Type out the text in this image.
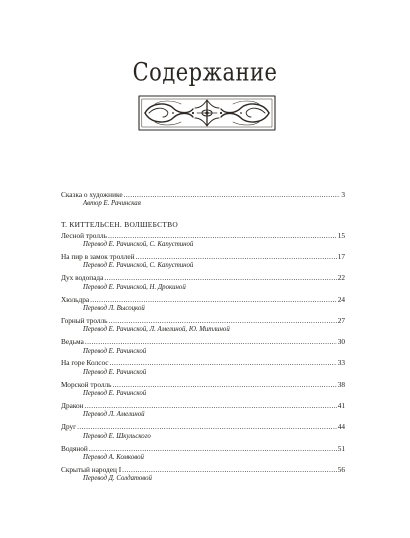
Содержание
Сказка о художнике .....	3
Автор Е. Рачинская
Т. КИТТЕЛЬСЕН. ВОЛШЕБСТВО
Лесной тролль .....	15
Перевод Е. Рачинской, С. Капустиной
На пир в замок троллей .....	17
Перевод Е. Рачинской, С. Капустиной
Дух водопада .....	22
Перевод Е. Рачинской, Н. Дрокиной
Хюльдра .....	24
Перевод Л. Высоцкой
Горный тролль .....	27
Перевод Е. Рачинской, Л. Амелиной, Ю. Митлиной
Ведьма .....	30
Перевод Е. Рачинской
На горе Колсос .....	33
Перевод Е. Рачинской
Морской тролль .....	38
Перевод Е. Рачинской
Дракон .....	41
Перевод Л. Амелиной
Друг .....	44
Перевод Е. Шкульского
Водяной .....	51
Перевод А. Комковой
Скрытый народец I .....	56
Перевод Д. Солдатовой
